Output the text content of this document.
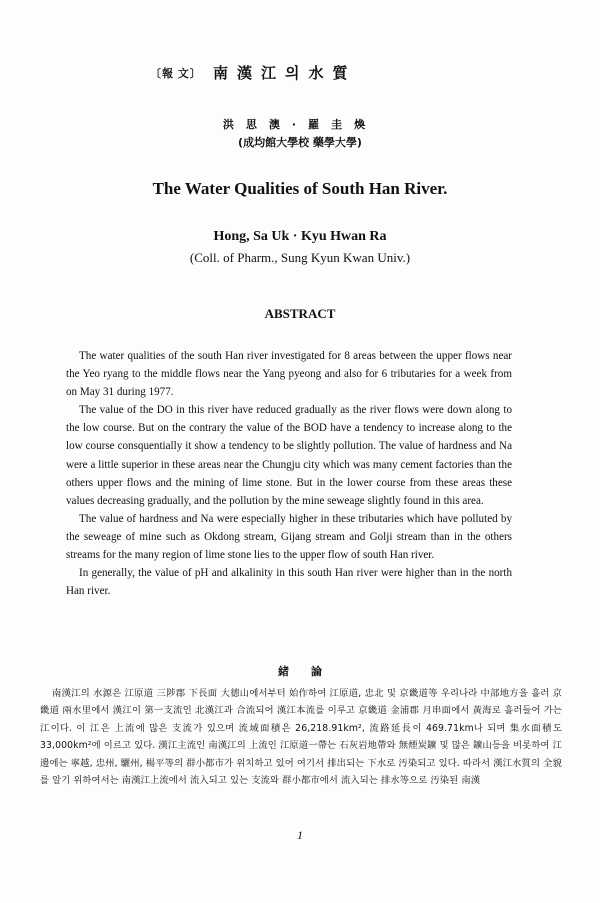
〔報 文〕 南漢江의水質
洪思澳·羅圭煥
(成均館大學校 藥學大學)
The Water Qualities of South Han River.
Hong, Sa Uk · Kyu Hwan Ra
(Coll. of Pharm., Sung Kyun Kwan Univ.)
ABSTRACT

The water qualities of the south Han river investigated for 8 areas between the upper flows near the Yeo ryang to the middle flows near the Yang pyeong and also for 6 tributaries for a week from on May 31 during 1977.

The value of the DO in this river have reduced gradually as the river flows were down along to the low course. But on the contrary the value of the BOD have a tendency to increase along to the low course consquentially it show a tendency to be slightly pollution. The value of hardness and Na were a little superior in these areas near the Chungju city which was many cement factories than the others upper flows and the mining of lime stone. But in the lower course from these areas these values decreasing gradually, and the pollution by the mine seweage slightly found in this area.

The value of hardness and Na were especially higher in these tributaries which have polluted by the seweage of mine such as Okdong stream, Gijang stream and Golji stream than in the others streams for the many region of lime stone lies to the upper flow of south Han river.

In generally, the value of pH and alkalinity in this south Han river were higher than in the north Han river.

緒論
南漢江의 水源은 江原道 三陟郡 下長面 大德山에서부터 始作하여 江原道, 忠北 및 京畿道等 우리나라 中部地方을 흘러 京畿道 兩水里에서 漢江이 第一支流인 北漢江과 合流되어 漢江本流를 이루고 京畿道 金浦郡 月串面에서 黃海로 흘러들어 가는 江이다. 이 江은 上流에 많은 支流가 있으며 流域面積은 26,218.91km², 流路延長이 469.71km나 되며 集水面積도 33,000km²에 이르고 있다. 漢江主流인 南漢江의 上流인 江原道一帶는 石灰岩地帶와 無煙炭鑛 및 많은 鑛山등을 비롯하여 江邊에는 寧越, 忠州, 驪州, 楊平等의 群小都市가 위치하고 있어 여기서 排出되는 下水로 汚染되고 있다. 따라서 漢江水質의 全貌를 알기 위하여서는 南漢江上流에서 流入되고 있는 支流와 群小都市에서 流入되는 排水等으로 汚染된 南漢
1
